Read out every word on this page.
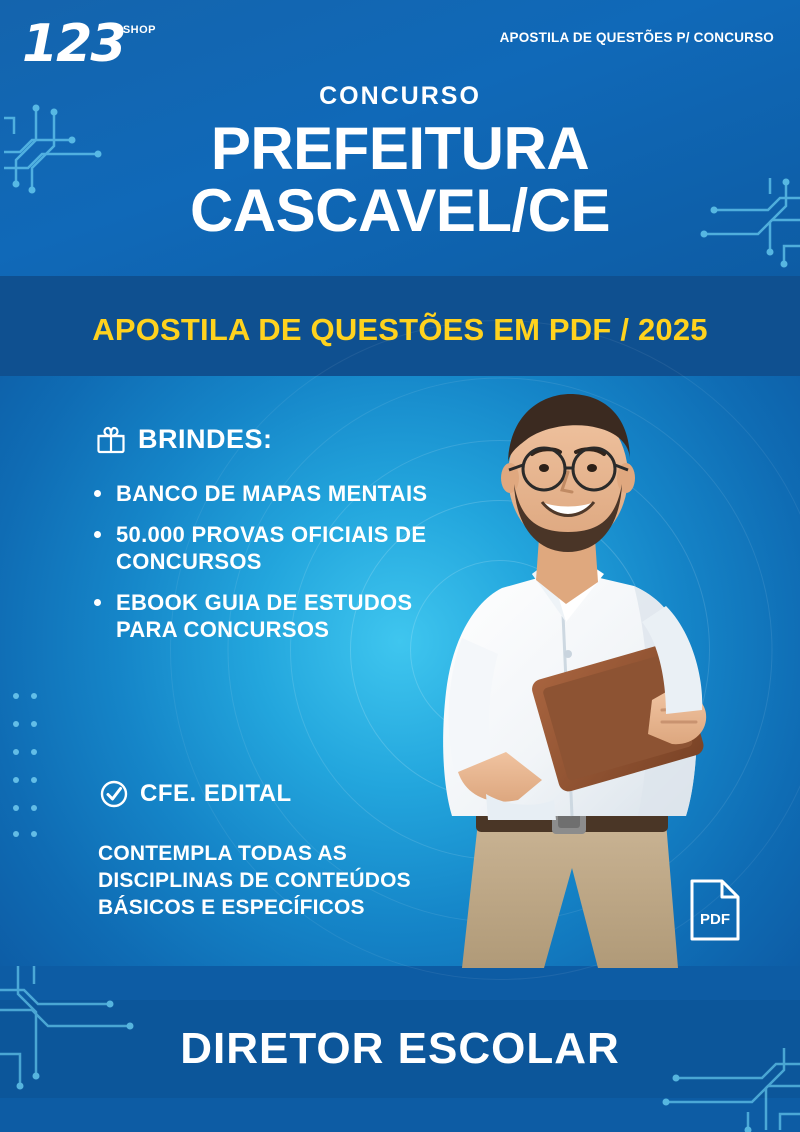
123
SHOP	APOSTILA DE QUESTÕES P/ CONCURSO
CONCURSO
PREFEITURA
CASCAVEL/CE
APOSTILA DE QUESTÕES EM PDF / 2025
BRINDES:
BANCO DE MAPAS MENTAIS
50.000 PROVAS OFICIAIS DE CONCURSOS
EBOOK GUIA DE ESTUDOS PARA CONCURSOS
CFE. EDITAL
CONTEMPLA TODAS AS DISCIPLINAS DE CONTEÚDOS BÁSICOS E ESPECÍFICOS
PDF
DIRETOR ESCOLAR
